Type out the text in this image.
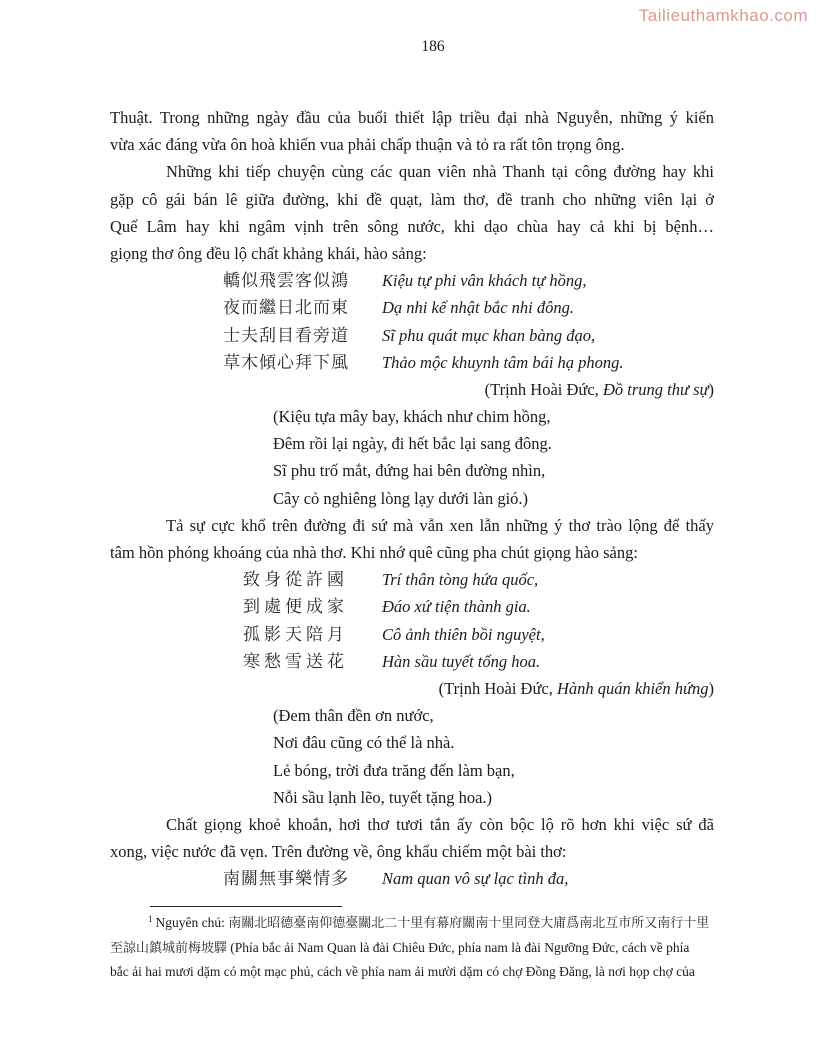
Tailieuthamkhao.com
186
Thuật. Trong những ngày đầu của buổi thiết lập triều đại nhà Nguyễn, những ý kiến
vừa xác đáng vừa ôn hoà khiến vua phải chấp thuận và tỏ ra rất tôn trọng ông.
Những khi tiếp chuyện cùng các quan viên nhà Thanh tại công đường hay khi
gặp cô gái bán lê giữa đường, khi đề quạt, làm thơ, đề tranh cho những viên lại ở
Quế Lâm hay khi ngâm vịnh trên sông nước, khi dạo chùa hay cả khi bị bệnh…
giọng thơ ông đều lộ chất khảng khái, hào sảng:
轎似飛雲客似鴻 Kiệu tự phi vân khách tự hồng,
夜而繼日北而東 Dạ nhi kế nhật bắc nhi đông.
士夫刮目看旁道 Sĩ phu quát mục khan bàng đạo,
草木傾心拜下風 Thảo mộc khuynh tâm bái hạ phong.
(Trịnh Hoài Đức, Đồ trung thư sự)
(Kiệu tựa mây bay, khách như chim hồng,
Đêm rồi lại ngày, đi hết bắc lại sang đông.
Sĩ phu trố mắt, đứng hai bên đường nhìn,
Cây cỏ nghiêng lòng lạy dưới làn gió.)
Tả sự cực khổ trên đường đi sứ mà vẫn xen lẫn những ý thơ trào lộng để thấy
tâm hồn phóng khoáng của nhà thơ. Khi nhớ quê cũng pha chút giọng hào sảng:
致身從許國 Trí thân tòng hứa quốc,
到處便成家 Đáo xứ tiện thành gia.
孤影天陪月 Cô ảnh thiên bồi nguyệt,
寒愁雪送花 Hàn sầu tuyết tống hoa.
(Trịnh Hoài Đức, Hành quán khiển hứng)
(Đem thân đền ơn nước,
Nơi đâu cũng có thể là nhà.
Lẻ bóng, trời đưa trăng đến làm bạn,
Nỗi sầu lạnh lẽo, tuyết tặng hoa.)
Chất giọng khoẻ khoắn, hơi thơ tươi tắn ấy còn bộc lộ rõ hơn khi việc sứ đã
xong, việc nước đã vẹn. Trên đường về, ông khẩu chiếm một bài thơ:
南關無事樂情多 Nam quan vô sự lạc tình đa,
$^1$ Nguyên chú: 南關北昭德臺南仰德臺關北二十里有幕府關南十里同登大庯爲南北互市所又南行十里
至諒山鎮城前梅坡驛 (Phía bắc ải Nam Quan là đài Chiêu Đức, phía nam là đài Ngưỡng Đức, cách về phía
bắc ải hai mươi dặm có một mạc phủ, cách về phía nam ải mười dặm có chợ Đồng Đăng, là nơi họp chợ của
